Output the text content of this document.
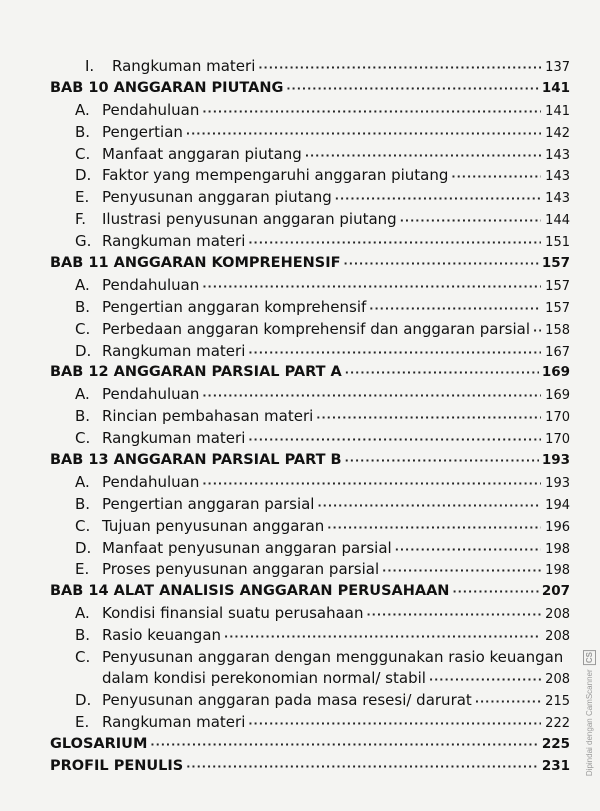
I.	Rangkuman materi ·····	137
BAB 10 ANGGARAN PIUTANG ·····	141
A. Pendahuluan ·····	141
B. Pengertian ·····	142
C. Manfaat anggaran piutang ·····	143
D. Faktor yang mempengaruhi anggaran piutang ·····	143
E. Penyusunan anggaran piutang ·····	143
F.	Ilustrasi penyusunan anggaran piutang ·····	144
G. Rangkuman materi ·····	151
BAB 11 ANGGARAN KOMPREHENSIF ·····	157
A. Pendahuluan ·····	157
B. Pengertian anggaran komprehensif ·····	157
C. Perbedaan anggaran komprehensif dan anggaran parsial ····· 158
D. Rangkuman materi ·····	167
BAB 12 ANGGARAN PARSIAL PART A ·····	169
A. Pendahuluan ·····	169
B. Rincian pembahasan materi ·····	170
C. Rangkuman materi ·····	170
BAB 13 ANGGARAN PARSIAL PART B ·····	193
A. Pendahuluan ·····	193
B. Pengertian anggaran parsial ·····	194
C. Tujuan penyusunan anggaran ·····	196
D. Manfaat penyusunan anggaran parsial ·····	198
E. Proses penyusunan anggaran parsial ·····	198
BAB 14 ALAT ANALISIS ANGGARAN PERUSAHAAN ·····	207
A. Kondisi finansial suatu perusahaan ·····	208
B. Rasio keuangan ·····	208
C. Penyusunan anggaran dengan menggunakan rasio keuangan
dalam kondisi perekonomian normal/ stabil ·····	208
D. Penyusunan anggaran pada masa resesi/ darurat ·····	215
E. Rangkuman materi ·····	222
GLOSARIUM ·····	225
PROFIL PENULIS ·····	231 Dipindai dengan CamScanner CS
